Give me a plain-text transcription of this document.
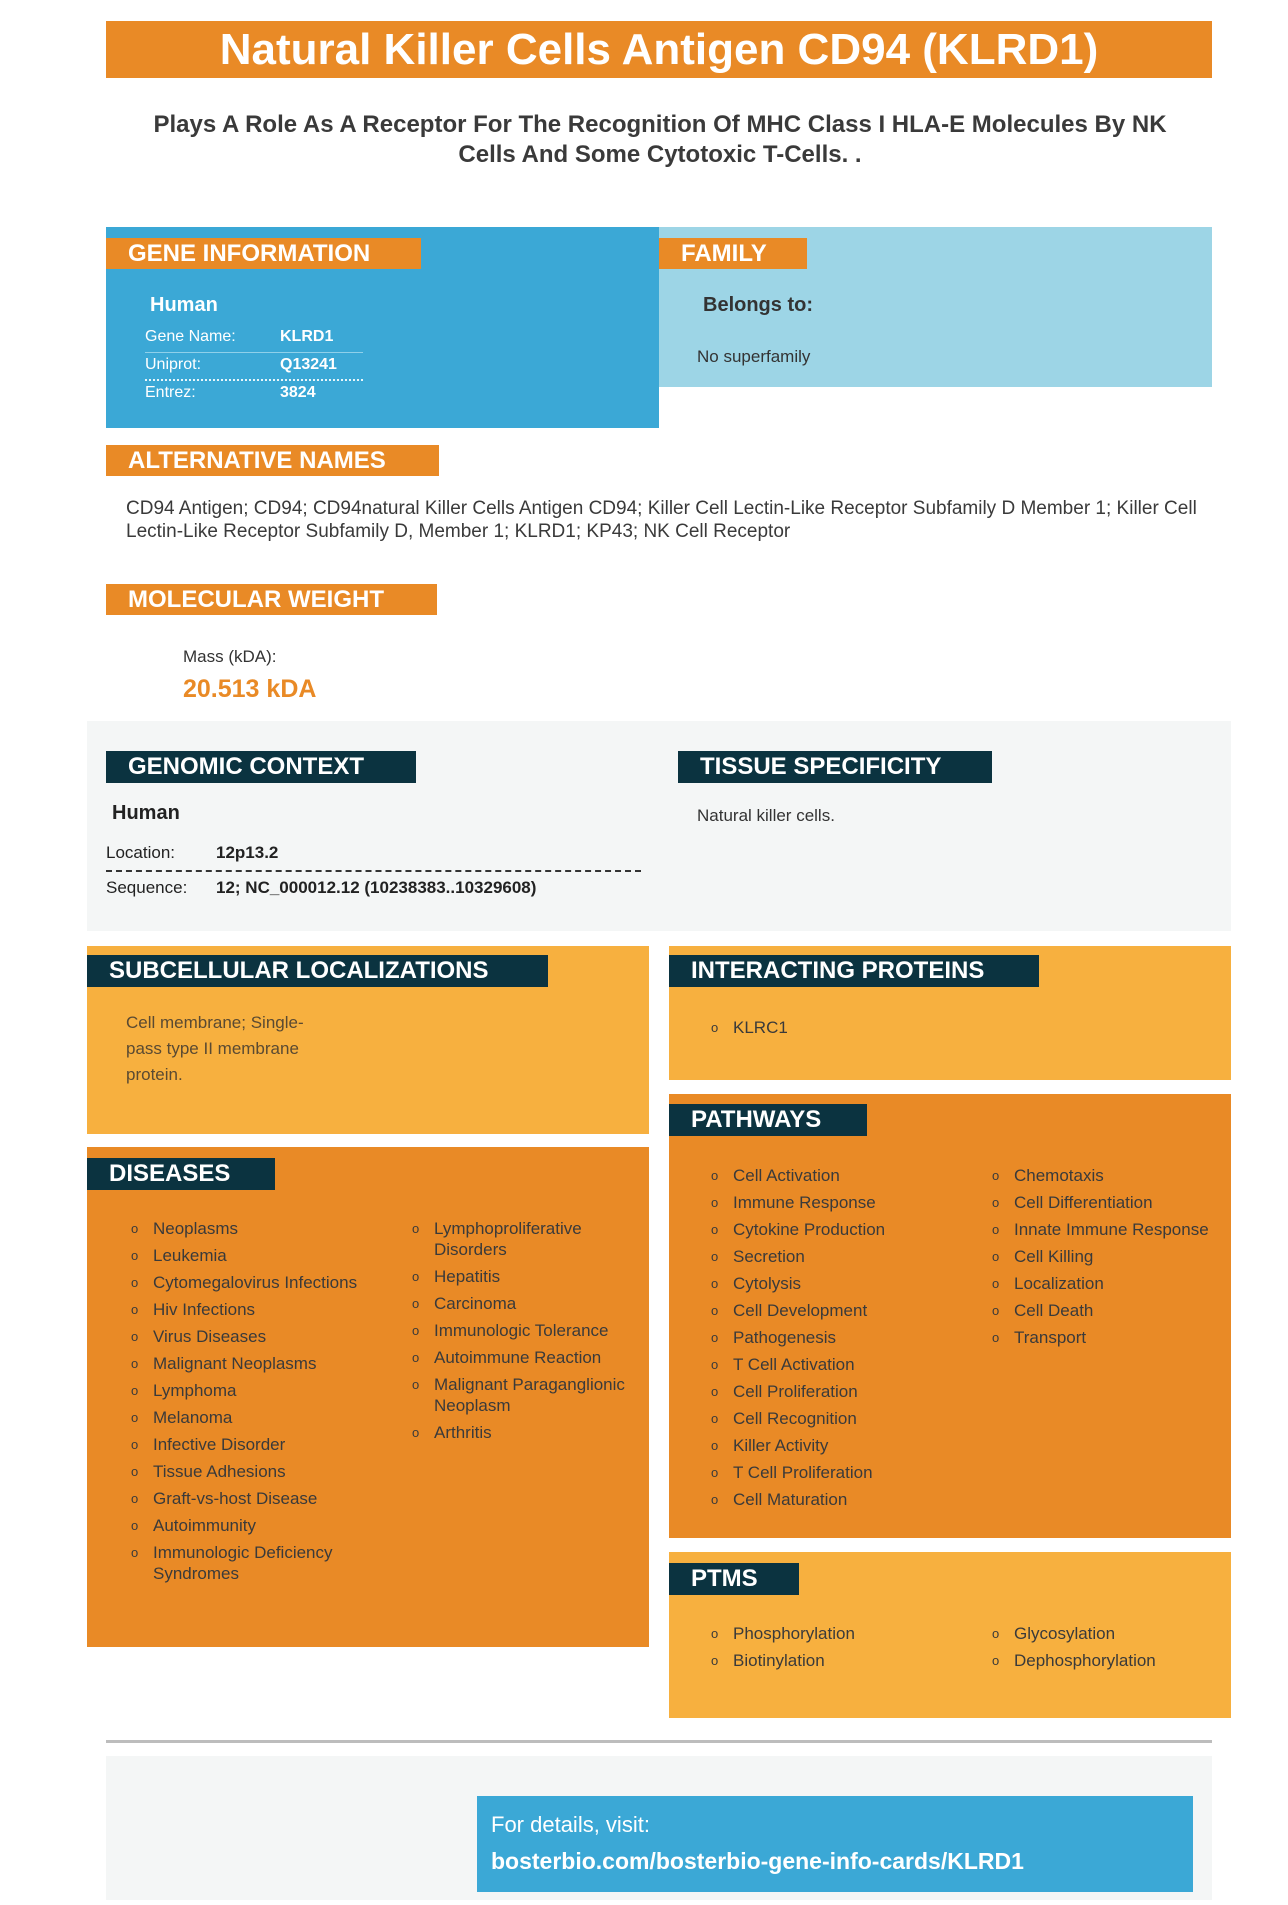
Natural Killer Cells Antigen CD94 (KLRD1)
Plays A Role As A Receptor For The Recognition Of MHC Class I HLA-E Molecules By NK Cells And Some Cytotoxic T-Cells. .
GENE INFORMATION
Human
Gene Name:	KLRD1
Uniprot:	Q13241
Entrez:	3824
FAMILY
Belongs to:
No superfamily
ALTERNATIVE NAMES
CD94 Antigen; CD94; CD94natural Killer Cells Antigen CD94; Killer Cell Lectin-Like Receptor Subfamily D Member 1; Killer Cell Lectin-Like Receptor Subfamily D, Member 1; KLRD1; KP43; NK Cell Receptor
MOLECULAR WEIGHT
Mass (kDA):
20.513 kDA
GENOMIC CONTEXT
Human
Location: 12p13.2
Sequence: 12; NC_000012.12 (10238383..10329608)
TISSUE SPECIFICITY
Natural killer cells.
SUBCELLULAR LOCALIZATIONS
Cell membrane; Single-
pass type II membrane
protein.
INTERACTING PROTEINS
o KLRC1
DISEASES
o Neoplasms
o Leukemia
o Cytomegalovirus Infections
o Hiv Infections
o Virus Diseases
o Malignant Neoplasms
o Lymphoma
o Melanoma
o Infective Disorder
o Tissue Adhesions
o Graft-vs-host Disease
o Autoimmunity
o Immunologic Deficiency Syndromes
o Lymphoproliferative Disorders
o Hepatitis
o Carcinoma
o Immunologic Tolerance
o Autoimmune Reaction
o Malignant Paraganglionic Neoplasm
o Arthritis
PATHWAYS
o Cell Activation
o Immune Response
o Cytokine Production
o Secretion
o Cytolysis
o Cell Development
o Pathogenesis
o T Cell Activation
o Cell Proliferation
o Cell Recognition
o Killer Activity
o T Cell Proliferation
o Cell Maturation
o Chemotaxis
o Cell Differentiation
o Innate Immune Response
o Cell Killing
o Localization
o Cell Death
o Transport
PTMS
o Phosphorylation
o Biotinylation
o Glycosylation
o Dephosphorylation
For details, visit:
bosterbio.com/bosterbio-gene-info-cards/KLRD1
